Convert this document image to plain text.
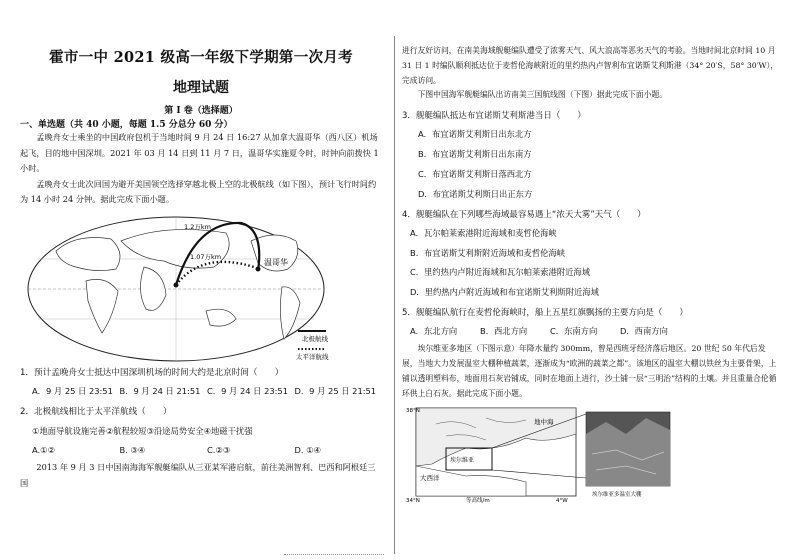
霍市一中 2021 级高一年级下学期第一次月考
地理试题
第 I 卷（选择题）
一、单选题（共 40 小题，每题 1.5 分总分 60 分）
孟晚舟女士乘坐的中国政府包机于当地时间 9 月 24 日 16:27 从加拿大温哥华（西八区）机场起飞，目的地中国深圳。2021 年 03 月 14 日到 11 月 7 日，温哥华实施夏令时，时钟向前拨快 1 小时。
孟晚舟女士此次回国为避开美国领空选择穿越北极上空的北极航线（如下图），预计飞行时间约为 14 小时 24 分钟。据此完成下面小题。
1.2万km
1.07万km
温哥华
北极航线
太平洋航线
1．预计孟晚舟女士抵达中国深圳机场的时间大约是北京时间（　　）
A．9 月 25 日 23:51 B．9 月 24 日 21:51 C．9 月 24 日 23:51 D．9 月 25 日 21:51
2．北极航线相比于太平洋航线（　　）
①地面导航设施完善②航程较短③沿途局势安全④地磁干扰强
A.①②	B. ③④	C.②③	D. ①④
2013 年 9 月 3 日中国南海海军舰艇编队从三亚某军港启航，前往美洲智利、巴西和阿根廷三国
进行友好访问，在南美海域舰艇编队遭受了浓雾天气、风大浪高等恶劣天气的考验。当地时间北京时间 10 月 31 日 1 时编队顺利抵达位于麦哲伦海峡附近的里约热内卢智利布宜诺斯艾利斯港（34° 20′S，58° 30′W），完成访问。
下图中国海军舰艇编队出访南美三国航线图（下图）据此完成下面小题。
3．舰艇编队抵达布宜诺斯艾利斯港当日（　　）
A．布宜诺斯艾利斯日出东北方
B．布宜诺斯艾利斯日出东南方
C．布宜诺斯艾利斯日落西北方
D．布宜诺斯艾利斯日出正东方
4．舰艇编队在下列哪些海域最容易遇上“浓天大雾”天气（　　）
A．瓦尔帕莱索港附近海域和麦哲伦海峡
B．布宜诺斯艾利斯附近海域和麦哲伦海峡
C．里约热内卢附近海域和瓦尔帕莱索港附近海域
D．里约热内卢附近海域和布宜诺斯艾利斯附近海域
5．舰艇编队航行在麦哲伦海峡时，船上五星红旗飘扬的主要方向是（　　）
A．东北方向	B．西北方向	C．东南方向	D．西南方向
埃尔维亚多地区（下图示意）年降水量约 300mm，曾是西班牙经济落后地区。20 世纪 50 年代后发展，当地大力发展温室大棚种植蔬菜，逐渐成为“欧洲的蔬菜之都”。该地区的温室大棚以铁丝为主要骨架，上铺以透明塑料布，地面用石灰岩铺成，同时在地面上进行，沙土铺一层“三明治”结构的土壤。并且重量合伦循环供上白石灰。据此完成下面小题。
地中海
大西洋
埃尔维亚
34°N
38°N
4°W
等高线/m
埃尔维亚多温室大棚
